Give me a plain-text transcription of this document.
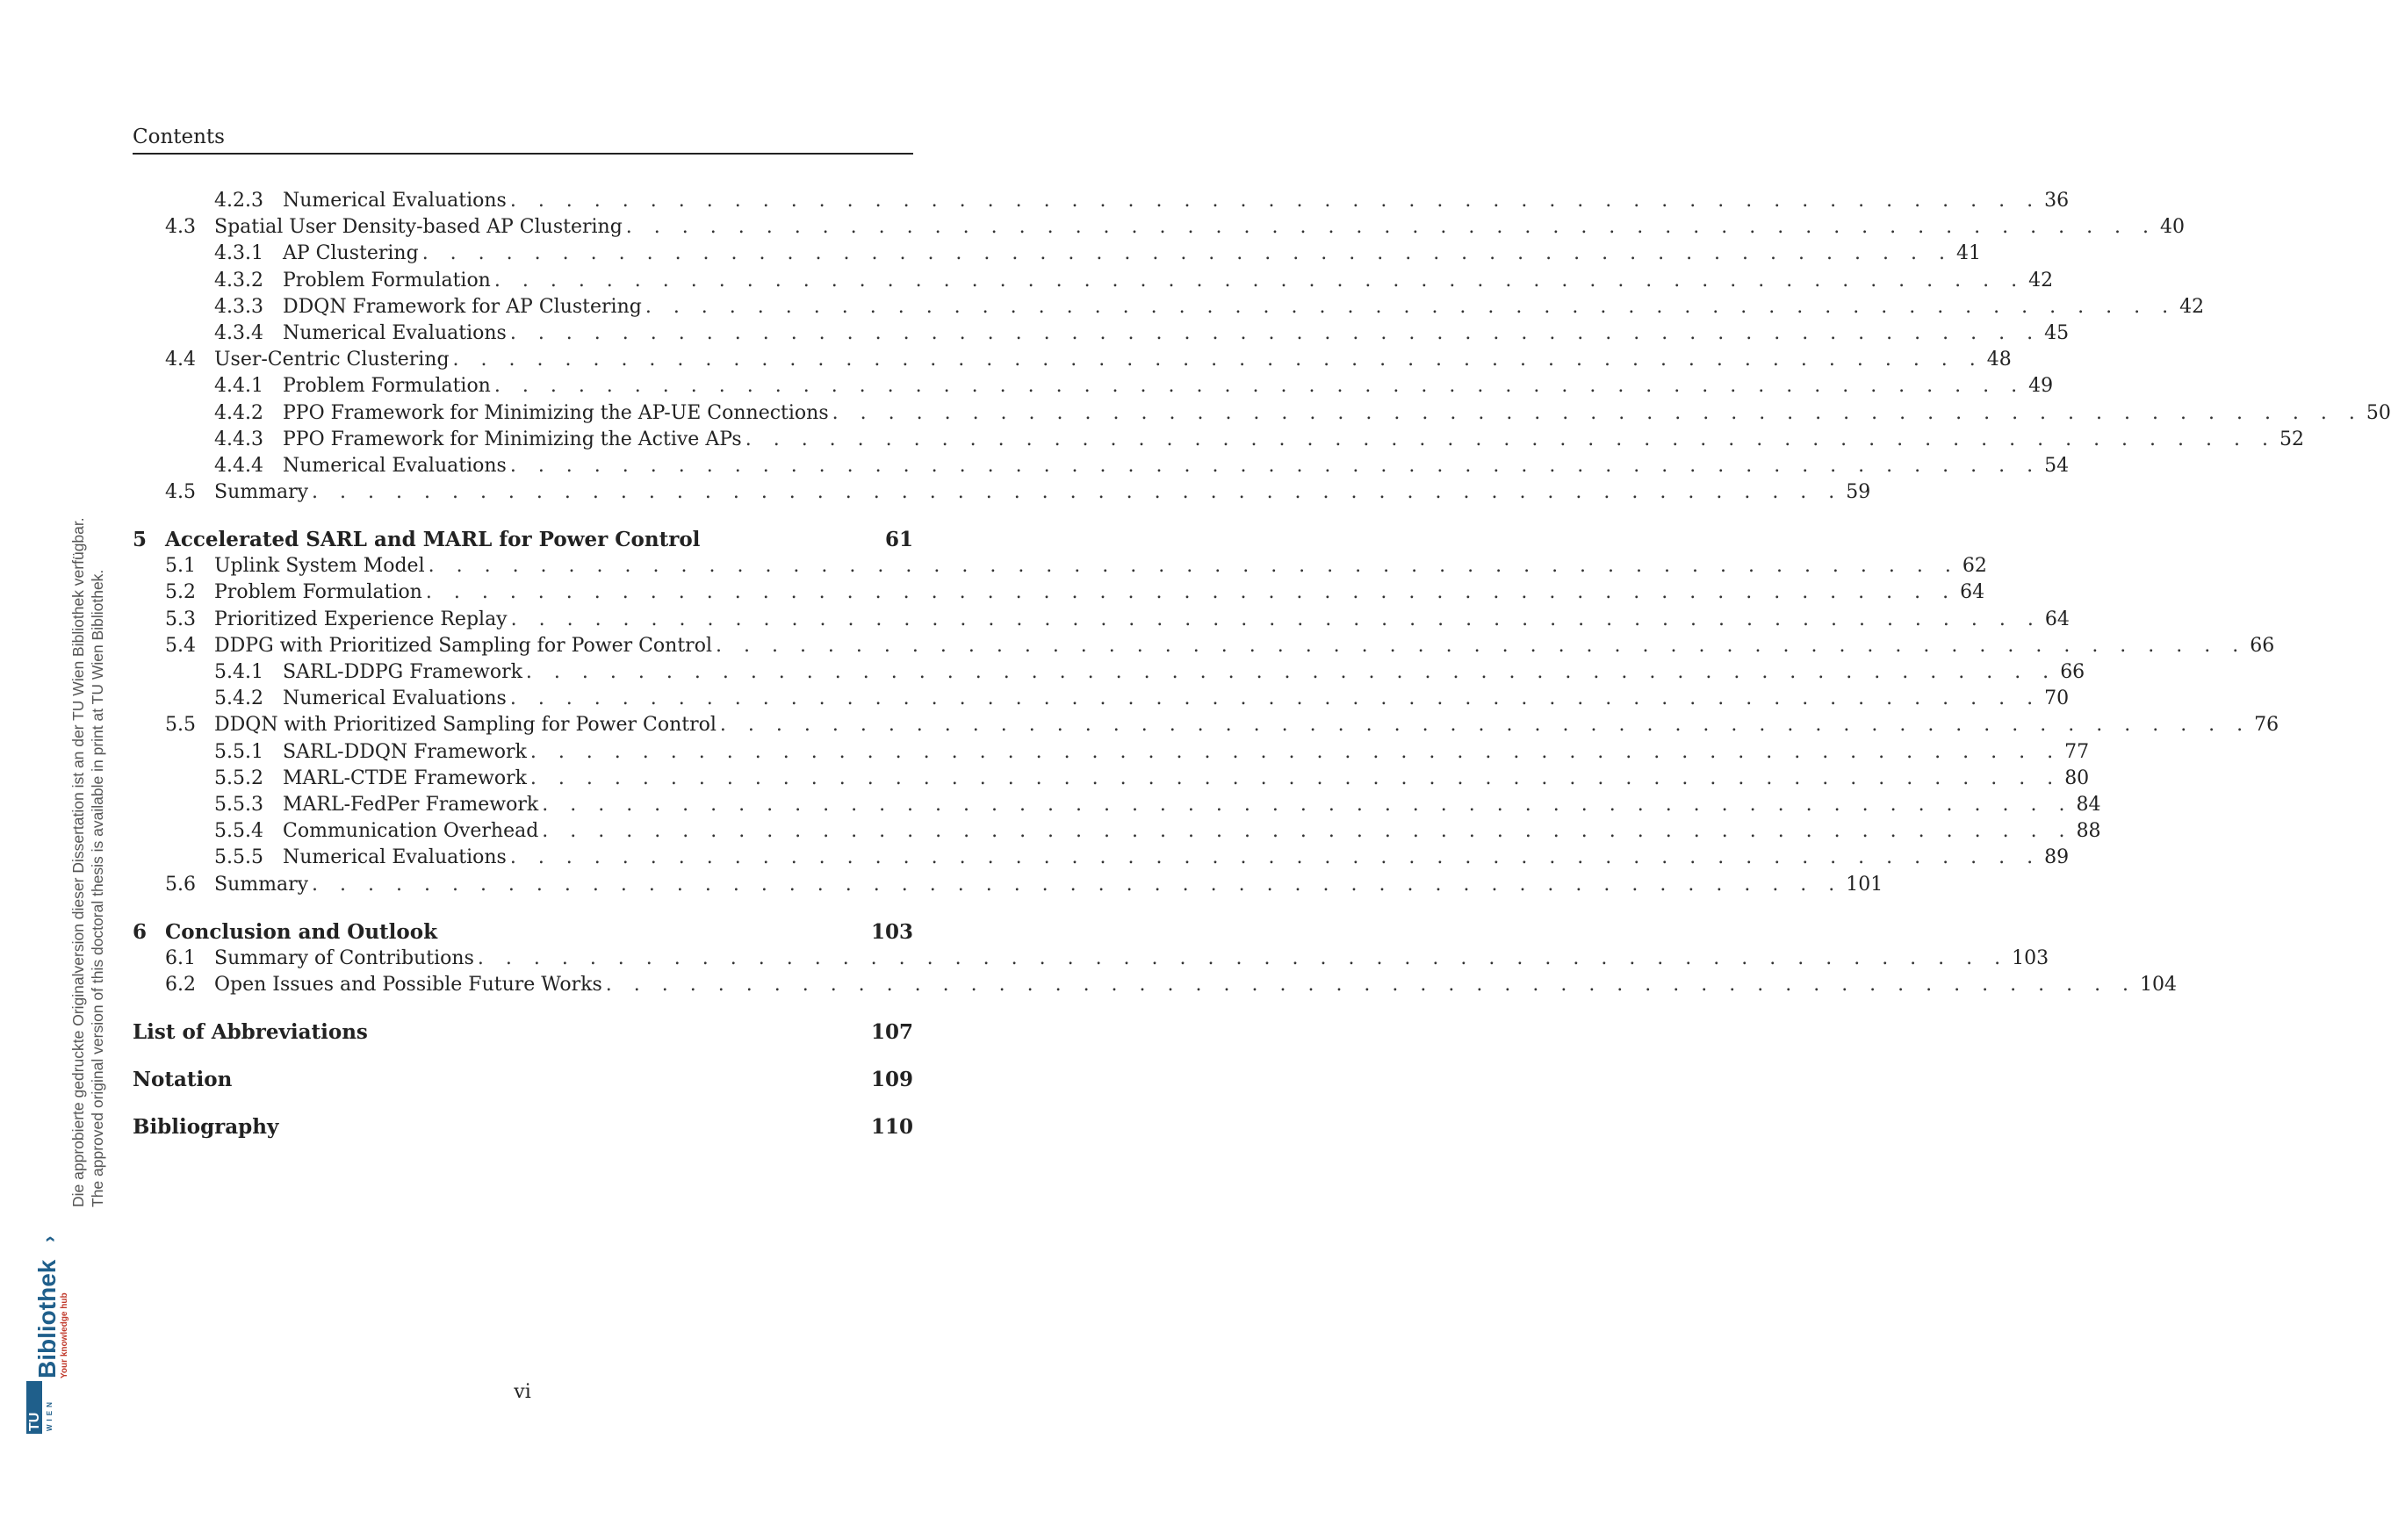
Contents
4.2.3 Numerical Evaluations . . . . . . . . . . . . . . . . . . . . . . . . . . . . . . . . . . . . . . . . . . . . . . . . . . . . . . . 36
4.3 Spatial User Density-based AP Clustering . . . . . . . . . . . . . . . . . . . . . . . . . . . . . . . . . . . . . . . . . . . . . . . . . . . . . . . 40
4.3.1 AP Clustering . . . . . . . . . . . . . . . . . . . . . . . . . . . . . . . . . . . . . . . . . . . . . . . . . . . . . . . 41
4.3.2 Problem Formulation . . . . . . . . . . . . . . . . . . . . . . . . . . . . . . . . . . . . . . . . . . . . . . . . . . . . . . . 42
4.3.3 DDQN Framework for AP Clustering . . . . . . . . . . . . . . . . . . . . . . . . . . . . . . . . . . . . . . . . . . . . . . . . . . . . . . . 42
4.3.4 Numerical Evaluations . . . . . . . . . . . . . . . . . . . . . . . . . . . . . . . . . . . . . . . . . . . . . . . . . . . . . . . 45
4.4 User-Centric Clustering . . . . . . . . . . . . . . . . . . . . . . . . . . . . . . . . . . . . . . . . . . . . . . . . . . . . . . . 48
4.4.1 Problem Formulation . . . . . . . . . . . . . . . . . . . . . . . . . . . . . . . . . . . . . . . . . . . . . . . . . . . . . . . 49
4.4.2 PPO Framework for Minimizing the AP-UE Connections . . . . . . . . . . . . . . . . . . . . . . . . . . . . . . . . . . . . . . . . . . . . . . . . . . . . . . . 50
4.4.3 PPO Framework for Minimizing the Active APs . . . . . . . . . . . . . . . . . . . . . . . . . . . . . . . . . . . . . . . . . . . . . . . . . . . . . . . 52
4.4.4 Numerical Evaluations . . . . . . . . . . . . . . . . . . . . . . . . . . . . . . . . . . . . . . . . . . . . . . . . . . . . . . . 54
4.5 Summary . . . . . . . . . . . . . . . . . . . . . . . . . . . . . . . . . . . . . . . . . . . . . . . . . . . . . . . 59
5 Accelerated SARL and MARL for Power Control	61
5.1 Uplink System Model . . . . . . . . . . . . . . . . . . . . . . . . . . . . . . . . . . . . . . . . . . . . . . . . . . . . . . . 62
5.2 Problem Formulation . . . . . . . . . . . . . . . . . . . . . . . . . . . . . . . . . . . . . . . . . . . . . . . . . . . . . . . 64
5.3 Prioritized Experience Replay . . . . . . . . . . . . . . . . . . . . . . . . . . . . . . . . . . . . . . . . . . . . . . . . . . . . . . . 64
5.4 DDPG with Prioritized Sampling for Power Control . . . . . . . . . . . . . . . . . . . . . . . . . . . . . . . . . . . . . . . . . . . . . . . . . . . . . . . 66
5.4.1 SARL-DDPG Framework . . . . . . . . . . . . . . . . . . . . . . . . . . . . . . . . . . . . . . . . . . . . . . . . . . . . . . . 66
5.4.2 Numerical Evaluations . . . . . . . . . . . . . . . . . . . . . . . . . . . . . . . . . . . . . . . . . . . . . . . . . . . . . . . 70
5.5 DDQN with Prioritized Sampling for Power Control . . . . . . . . . . . . . . . . . . . . . . . . . . . . . . . . . . . . . . . . . . . . . . . . . . . . . . . 76
5.5.1 SARL-DDQN Framework . . . . . . . . . . . . . . . . . . . . . . . . . . . . . . . . . . . . . . . . . . . . . . . . . . . . . . . 77
5.5.2 MARL-CTDE Framework . . . . . . . . . . . . . . . . . . . . . . . . . . . . . . . . . . . . . . . . . . . . . . . . . . . . . . . 80
5.5.3 MARL-FedPer Framework . . . . . . . . . . . . . . . . . . . . . . . . . . . . . . . . . . . . . . . . . . . . . . . . . . . . . . . 84
5.5.4 Communication Overhead . . . . . . . . . . . . . . . . . . . . . . . . . . . . . . . . . . . . . . . . . . . . . . . . . . . . . . . 88
5.5.5 Numerical Evaluations . . . . . . . . . . . . . . . . . . . . . . . . . . . . . . . . . . . . . . . . . . . . . . . . . . . . . . . 89
5.6 Summary . . . . . . . . . . . . . . . . . . . . . . . . . . . . . . . . . . . . . . . . . . . . . . . . . . . . . . . 101
6 Conclusion and Outlook	103
6.1 Summary of Contributions . . . . . . . . . . . . . . . . . . . . . . . . . . . . . . . . . . . . . . . . . . . . . . . . . . . . . . . 103
6.2 Open Issues and Possible Future Works . . . . . . . . . . . . . . . . . . . . . . . . . . . . . . . . . . . . . . . . . . . . . . . . . . . . . . . 104
List of Abbreviations	107
Notation	109
Bibliography	110
vi
Die approbierte gedruckte Originalversion dieser Dissertation ist an der TU Wien Bibliothek verfügbar. The approved original version of this doctoral thesis is available in print at TU Wien Bibliothek.
TU WIEN
Bibliothek Your knowledge hub
›
